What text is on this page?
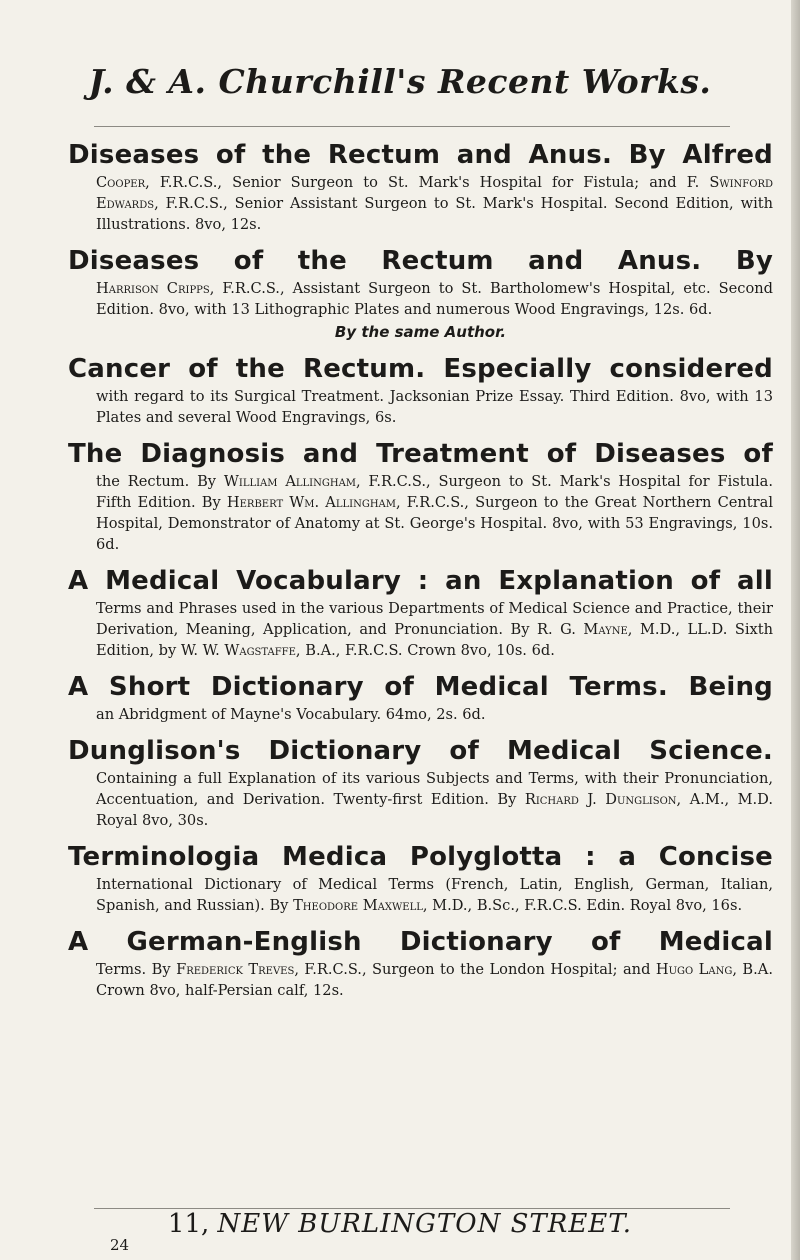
J. & A. Churchill's Recent Works.
Diseases of the Rectum and Anus. By Alfred
Cooper, F.R.C.S., Senior Surgeon to St. Mark's Hospital for Fistula; and F. Swinford Edwards, F.R.C.S., Senior Assistant Surgeon to St. Mark's Hospital. Second Edition, with Illustrations. 8vo, 12s.
Diseases of the Rectum and Anus. By
Harrison Cripps, F.R.C.S., Assistant Surgeon to St. Bartholomew's Hospital, etc. Second Edition. 8vo, with 13 Lithographic Plates and numerous Wood Engravings, 12s. 6d.
By the same Author.
Cancer of the Rectum. Especially considered
with regard to its Surgical Treatment. Jacksonian Prize Essay. Third Edition. 8vo, with 13 Plates and several Wood Engravings, 6s.
The Diagnosis and Treatment of Diseases of
the Rectum. By William Allingham, F.R.C.S., Surgeon to St. Mark's Hospital for Fistula. Fifth Edition. By Herbert Wm. Allingham, F.R.C.S., Surgeon to the Great Northern Central Hospital, Demonstrator of Anatomy at St. George's Hospital. 8vo, with 53 Engravings, 10s. 6d.
A Medical Vocabulary : an Explanation of all
Terms and Phrases used in the various Departments of Medical Science and Practice, their Derivation, Meaning, Application, and Pronunciation. By R. G. Mayne, M.D., LL.D. Sixth Edition, by W. W. Wagstaffe, B.A., F.R.C.S. Crown 8vo, 10s. 6d.
A Short Dictionary of Medical Terms. Being
an Abridgment of Mayne's Vocabulary. 64mo, 2s. 6d.
Dunglison's Dictionary of Medical Science.
Containing a full Explanation of its various Subjects and Terms, with their Pronunciation, Accentuation, and Derivation. Twenty-first Edition. By Richard J. Dunglison, A.M., M.D. Royal 8vo, 30s.
Terminologia Medica Polyglotta : a Concise
International Dictionary of Medical Terms (French, Latin, English, German, Italian, Spanish, and Russian). By Theodore Maxwell, M.D., B.Sc., F.R.C.S. Edin. Royal 8vo, 16s.
A German-English Dictionary of Medical
Terms. By Frederick Treves, F.R.C.S., Surgeon to the London Hospital; and Hugo Lang, B.A. Crown 8vo, half-Persian calf, 12s.
11, NEW BURLINGTON STREET.
24
